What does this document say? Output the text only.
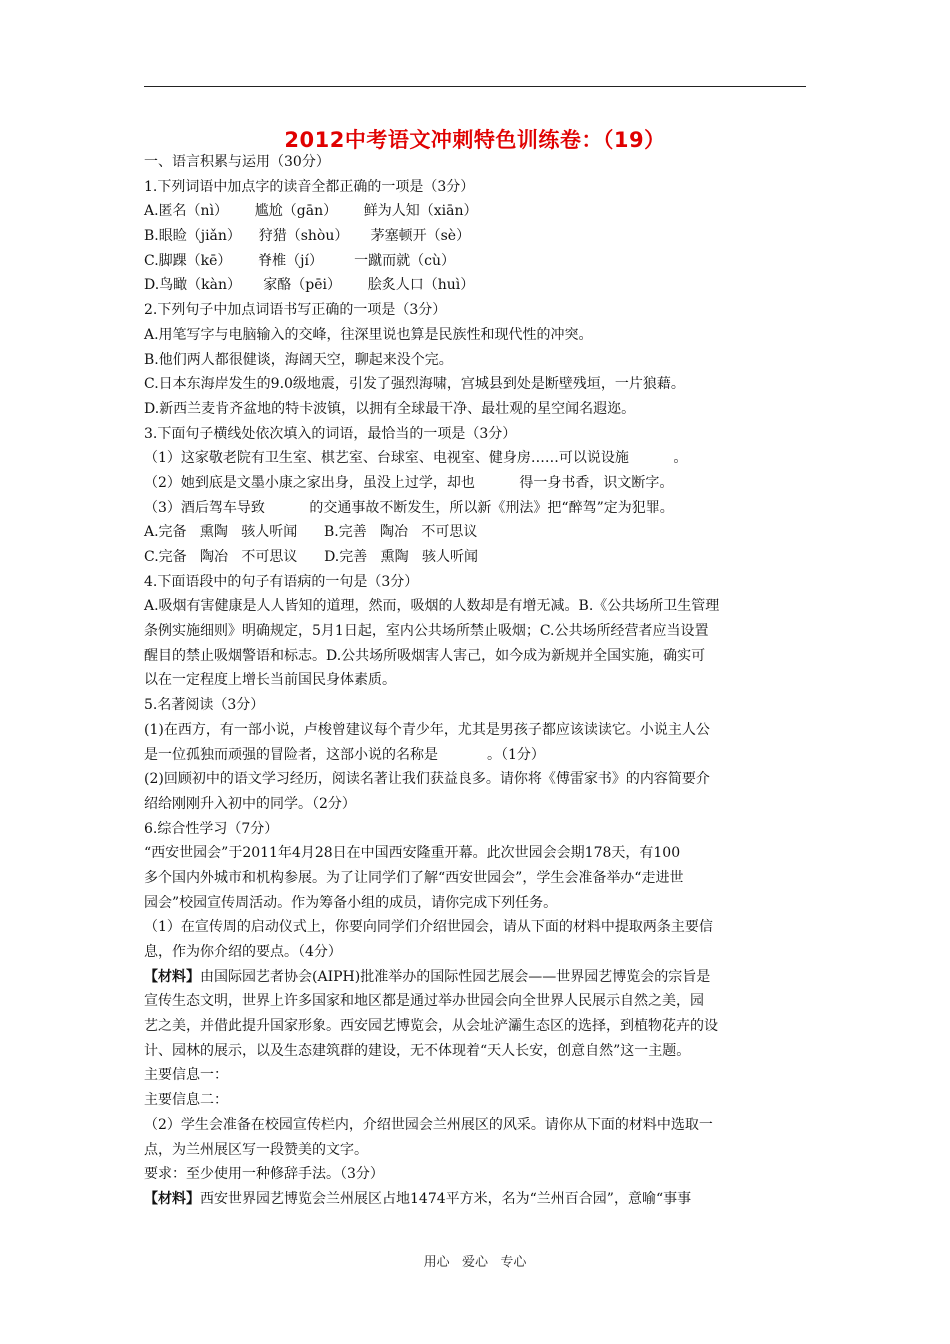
2012中考语文冲刺特色训练卷：（19）
一、语言积累与运用（30分）
1.下列词语中加点字的读音全都正确的一项是（3分）
A.匿名（nì）      尴尬（gān）      鲜为人知（xiān）
B.眼睑（jiǎn）    狩猎（shòu）     茅塞顿开（sè）
C.脚踝（kē）      脊椎（jí）       一蹴而就（cù）
D.鸟瞰（kàn）     家酪（pēi）      脍炙人口（huì）
2.下列句子中加点词语书写正确的一项是（3分）
A.用笔写字与电脑输入的交峰，往深里说也算是民族性和现代性的冲突。
B.他们两人都很健谈，海阔天空，聊起来没个完。
C.日本东海岸发生的9.0级地震，引发了强烈海啸，宫城县到处是断壁残垣，一片狼藉。
D.新西兰麦肯齐盆地的特卡波镇，以拥有全球最干净、最壮观的星空闻名遐迩。
3.下面句子横线处依次填入的词语，最恰当的一项是（3分）
（1）这家敬老院有卫生室、棋艺室、台球室、电视室、健身房……可以说设施          。
（2）她到底是文墨小康之家出身，虽没上过学，却也          得一身书香，识文断字。
（3）酒后驾车导致          的交通事故不断发生，所以新《刑法》把“醉驾”定为犯罪。
A.完备   熏陶   骇人听闻      B.完善   陶冶   不可思议
C.完备   陶冶   不可思议      D.完善   熏陶   骇人听闻
4.下面语段中的句子有语病的一句是（3分）
A.吸烟有害健康是人人皆知的道理，然而，吸烟的人数却是有增无减。B.《公共场所卫生管理
条例实施细则》明确规定，5月1日起，室内公共场所禁止吸烟；C.公共场所经营者应当设置
醒目的禁止吸烟警语和标志。D.公共场所吸烟害人害己，如今成为新规并全国实施，确实可
以在一定程度上增长当前国民身体素质。
5.名著阅读（3分）
(1)在西方，有一部小说，卢梭曾建议每个青少年，尤其是男孩子都应该读读它。小说主人公
是一位孤独而顽强的冒险者，这部小说的名称是           。（1分）
(2)回顾初中的语文学习经历，阅读名著让我们获益良多。请你将《傅雷家书》的内容简要介
绍给刚刚升入初中的同学。（2分）
6.综合性学习（7分）
“西安世园会”于2011年4月28日在中国西安隆重开幕。此次世园会会期178天，有100
多个国内外城市和机构参展。为了让同学们了解“西安世园会”，学生会准备举办“走进世
园会”校园宣传周活动。作为筹备小组的成员，请你完成下列任务。
（1）在宣传周的启动仪式上，你要向同学们介绍世园会，请从下面的材料中提取两条主要信
息，作为你介绍的要点。（4分）
【材料】由国际园艺者协会(AIPH)批准举办的国际性园艺展会——世界园艺博览会的宗旨是
宣传生态文明，世界上许多国家和地区都是通过举办世园会向全世界人民展示自然之美，园
艺之美，并借此提升国家形象。西安园艺博览会，从会址浐灞生态区的选择，到植物花卉的设
计、园林的展示，以及生态建筑群的建设，无不体现着“天人长安，创意自然”这一主题。
主要信息一：
主要信息二：
（2）学生会准备在校园宣传栏内，介绍世园会兰州展区的风采。请你从下面的材料中选取一
点，为兰州展区写一段赞美的文字。
要求：至少使用一种修辞手法。（3分）
【材料】西安世界园艺博览会兰州展区占地1474平方米，名为“兰州百合园”，意喻“事事
用心   爱心   专心
